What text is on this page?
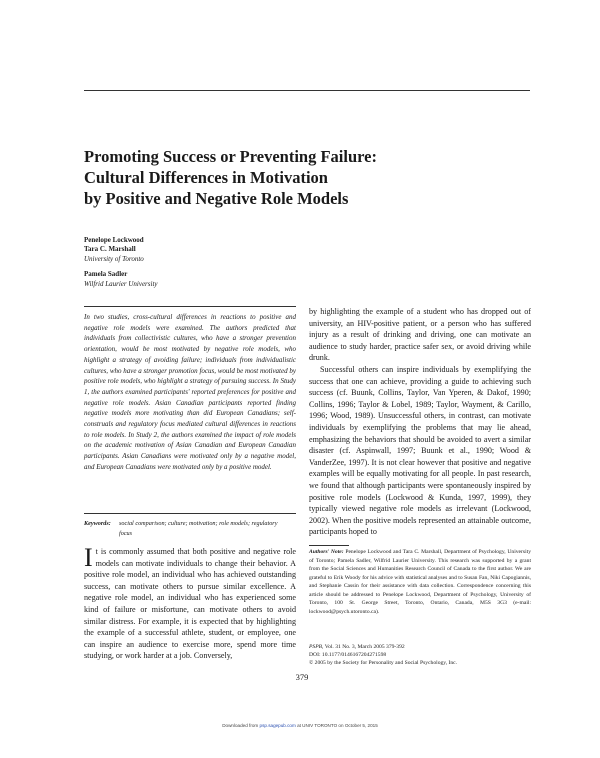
Promoting Success or Preventing Failure:
Cultural Differences in Motivation
by Positive and Negative Role Models
Penelope Lockwood
Tara C. Marshall
University of Toronto
Pamela Sadler
Wilfrid Laurier University
In two studies, cross-cultural differences in reactions to positive and negative role models were examined. The authors predicted that individuals from collectivistic cultures, who have a stronger prevention orientation, would be most motivated by negative role models, who highlight a strategy of avoiding failure; individuals from individualistic cultures, who have a stronger promotion focus, would be most motivated by positive role models, who highlight a strategy of pursuing success. In Study 1, the authors examined participants' reported preferences for positive and negative role models. Asian Canadian participants reported finding negative models more motivating than did European Canadians; self-construals and regulatory focus mediated cultural differences in reactions to role models. In Study 2, the authors examined the impact of role models on the academic motivation of Asian Canadian and European Canadian participants. Asian Canadians were motivated only by a negative model, and European Canadians were motivated only by a positive model.
Keywords: social comparison; culture; motivation; role models; regulatory focus
It is commonly assumed that both positive and negative role models can motivate individuals to change their behavior. A positive role model, an individual who has achieved outstanding success, can motivate others to pursue similar excellence. A negative role model, an individual who has experienced some kind of failure or misfortune, can motivate others to avoid similar distress. For example, it is expected that by highlighting the example of a successful athlete, student, or employee, one can inspire an audience to exercise more, spend more time studying, or work harder at a job. Conversely,

by highlighting the example of a student who has dropped out of university, an HIV-positive patient, or a person who has suffered injury as a result of drinking and driving, one can motivate an audience to study harder, practice safer sex, or avoid driving while drunk.

Successful others can inspire individuals by exemplifying the success that one can achieve, providing a guide to achieving such success (cf. Buunk, Collins, Taylor, Van Yperen, & Dakof, 1990; Collins, 1996; Taylor & Lobel, 1989; Taylor, Wayment, & Carillo, 1996; Wood, 1989). Unsuccessful others, in contrast, can motivate individuals by exemplifying the problems that may lie ahead, emphasizing the behaviors that should be avoided to avert a similar disaster (cf. Aspinwall, 1997; Buunk et al., 1990; Wood & VanderZee, 1997). It is not clear however that positive and negative examples will be equally motivating for all people. In past research, we found that although participants were spontaneously inspired by positive role models (Lockwood & Kunda, 1997, 1999), they typically viewed negative role models as irrelevant (Lockwood, 2002). When the positive models represented an attainable outcome, participants hoped to

Authors' Note: Penelope Lockwood and Tara C. Marshall, Department of Psychology, University of Toronto; Pamela Sadler, Wilfrid Laurier University. This research was supported by a grant from the Social Sciences and Humanities Research Council of Canada to the first author. We are grateful to Erik Woody for his advice with statistical analyses and to Susan Fan, Niki Capogiannis, and Stephanie Cassin for their assistance with data collection. Correspondence concerning this article should be addressed to Penelope Lockwood, Department of Psychology, University of Toronto, 100 St. George Street, Toronto, Ontario, Canada, M5S 3G3 (e-mail: lockwood@psych.utoronto.ca).
PSPB, Vol. 31 No. 3, March 2005 379-392
DOI: 10.1177/0146167204271598
© 2005 by the Society for Personality and Social Psychology, Inc.
379
Downloaded from psp.sagepub.com at UNIV TORONTO on October 5, 2015
